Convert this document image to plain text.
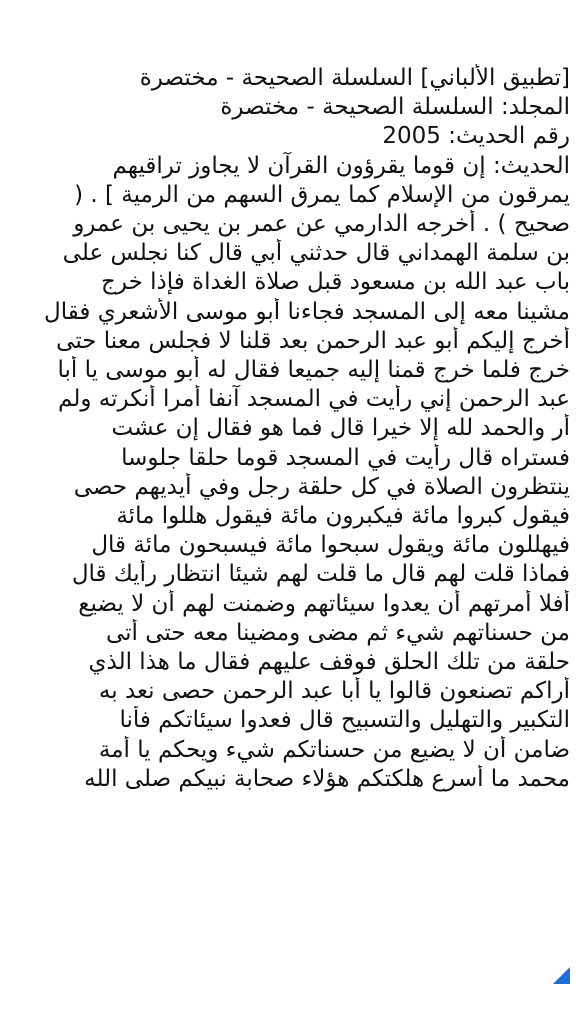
[تطبيق الألباني] السلسلة الصحيحة - مختصرة
المجلد: السلسلة الصحيحة - مختصرة
رقم الحديث: 2005
الحديث: إن قوما يقرؤون القرآن لا يجاوز تراقيهم
يمرقون من الإسلام كما يمرق السهم من الرمية ] . (
صحيح ) . أخرجه الدارمي عن عمر بن يحيى بن عمرو
بن سلمة الهمداني قال حدثني أبي قال كنا نجلس على
باب عبد الله بن مسعود قبل صلاة الغداة فإذا خرج
مشينا معه إلى المسجد فجاءنا أبو موسى الأشعري فقال
أخرج إليكم أبو عبد الرحمن بعد قلنا لا فجلس معنا حتى
خرج فلما خرج قمنا إليه جميعا فقال له أبو موسى يا أبا
عبد الرحمن إني رأيت في المسجد آنفا أمرا أنكرته ولم
أر والحمد لله إلا خيرا قال فما هو فقال إن عشت
فستراه قال رأيت في المسجد قوما حلقا جلوسا
ينتظرون الصلاة في كل حلقة رجل وفي أيديهم حصى
فيقول كبروا مائة فيكبرون مائة فيقول هللوا مائة
فيهللون مائة ويقول سبحوا مائة فيسبحون مائة قال
فماذا قلت لهم قال ما قلت لهم شيئا انتظار رأيك قال
أفلا أمرتهم أن يعدوا سيئاتهم وضمنت لهم أن لا يضيع
من حسناتهم شيء ثم مضى ومضينا معه حتى أتى
حلقة من تلك الحلق فوقف عليهم فقال ما هذا الذي
أراكم تصنعون قالوا يا أبا عبد الرحمن حصى نعد به
التكبير والتهليل والتسبيح قال فعدوا سيئاتكم فأنا
ضامن أن لا يضيع من حسناتكم شيء ويحكم يا أمة
محمد ما أسرع هلكتكم هؤلاء صحابة نبيكم صلى الله
